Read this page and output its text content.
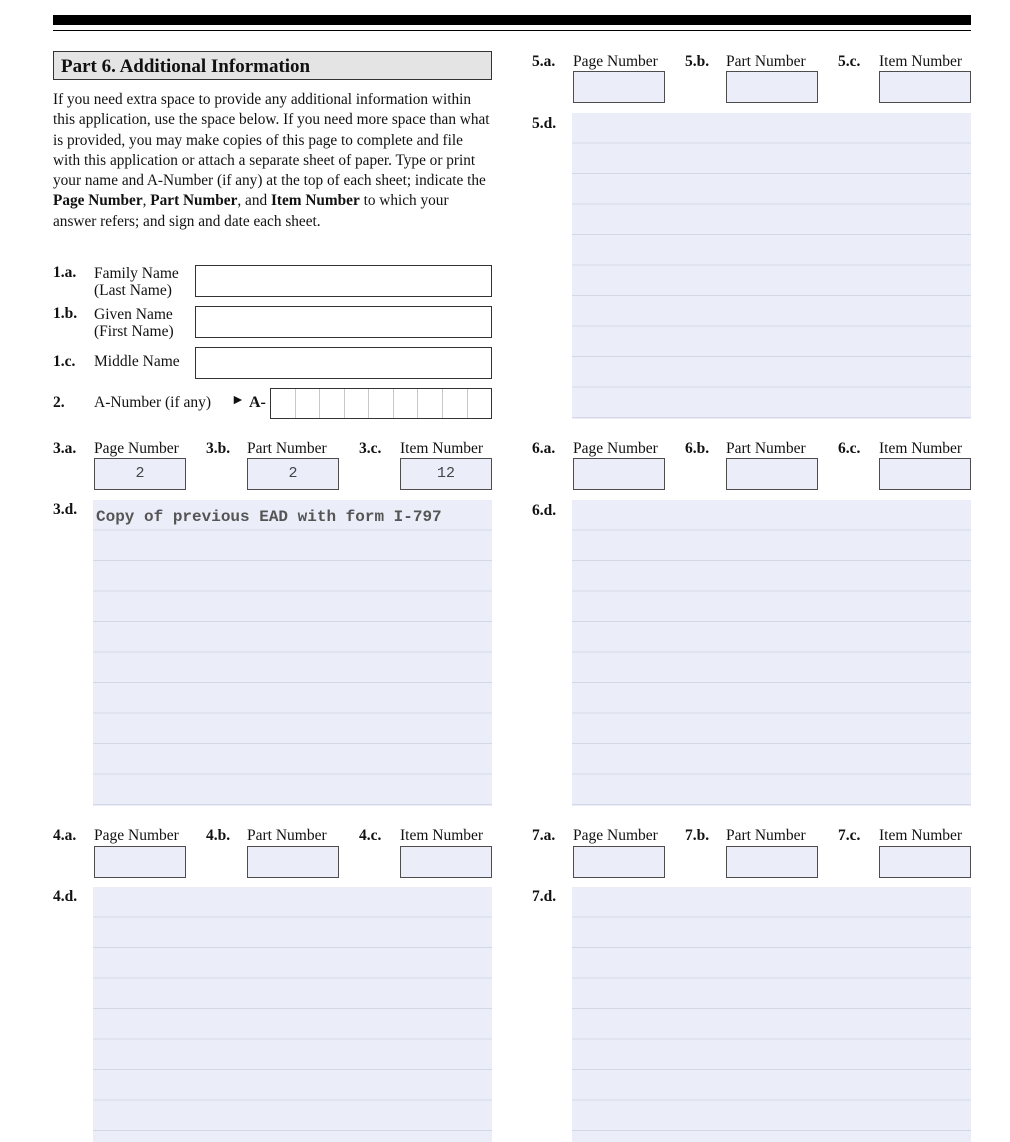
Part 6. Additional Information
If you need extra space to provide any additional information within this application, use the space below. If you need more space than what is provided, you may make copies of this page to complete and file with this application or attach a separate sheet of paper. Type or print your name and A-Number (if any) at the top of each sheet; indicate the Page Number, Part Number, and Item Number to which your answer refers; and sign and date each sheet.
1.a. Family Name
(Last Name)
1.b. Given Name
(First Name)
1.c. Middle Name
2. A-Number (if any) ► A-
3.a. Page Number 3.b. Part Number 3.c. Item Number
2	2	12
3.d. Copy of previous EAD with form I-797
4.a. Page Number 4.b. Part Number 4.c. Item Number
4.d.
5.a. Page Number 5.b. Part Number 5.c. Item Number
5.d.
6.a. Page Number 6.b. Part Number 6.c. Item Number
6.d.
7.a. Page Number 7.b. Part Number 7.c. Item Number
7.d.
